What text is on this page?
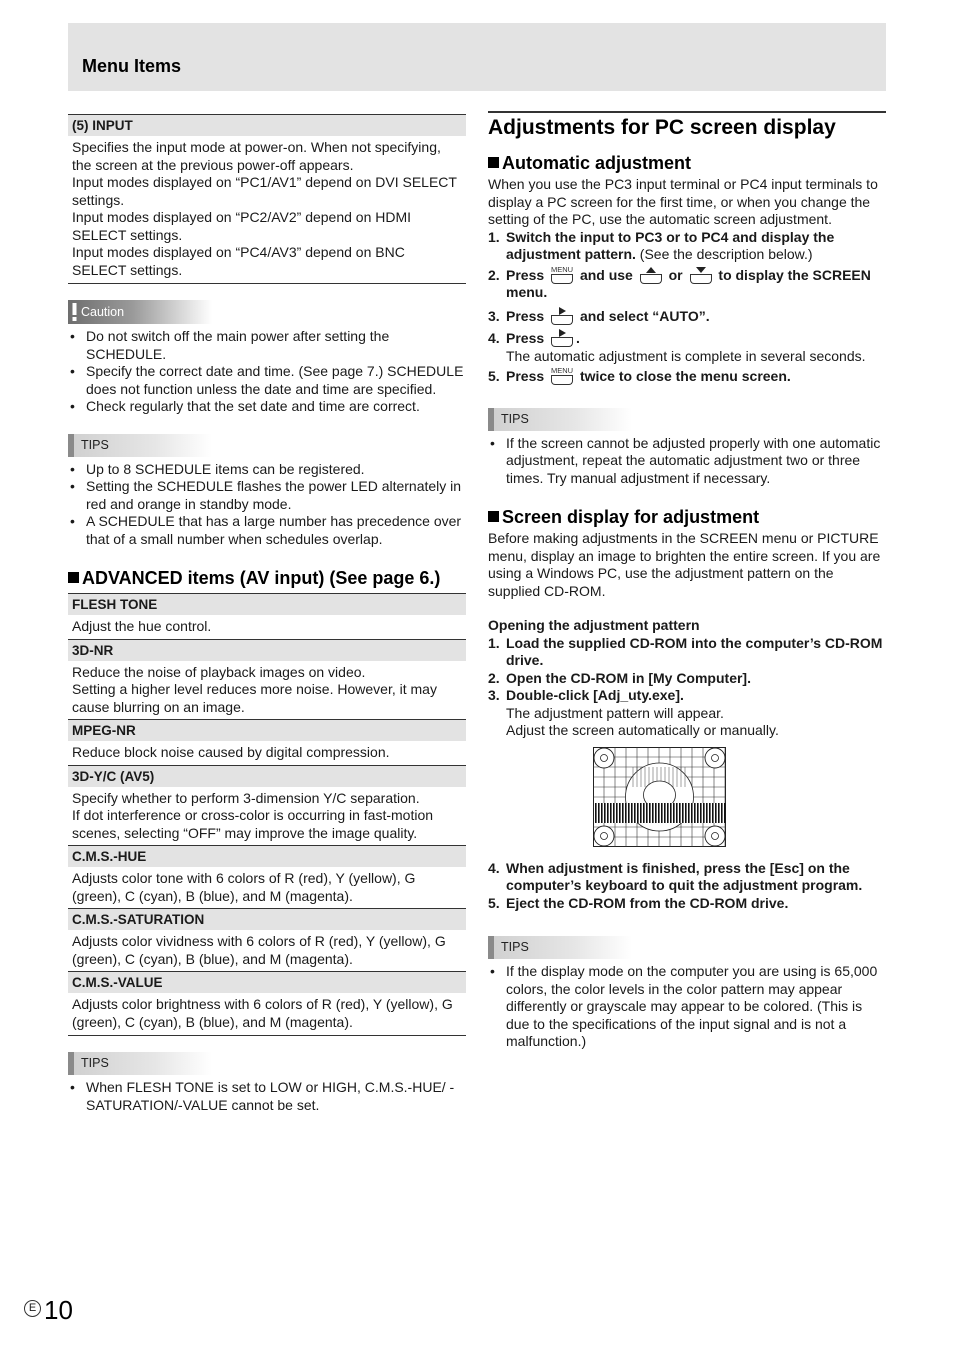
Menu Items
(5) INPUT
Specifies the input mode at power-on. When not specifying, the screen at the previous power-off appears.
Input modes displayed on “PC1/AV1” depend on DVI SELECT settings.
Input modes displayed on “PC2/AV2” depend on HDMI SELECT settings.
Input modes displayed on “PC4/AV3” depend on BNC SELECT settings.
Caution
• Do not switch off the main power after setting the SCHEDULE.
• Specify the correct date and time. (See page 7.) SCHEDULE does not function unless the date and time are specified.
• Check regularly that the set date and time are correct.
TIPS
• Up to 8 SCHEDULE items can be registered.
• Setting the SCHEDULE flashes the power LED alternately in red and orange in standby mode.
• A SCHEDULE that has a large number has precedence over that of a small number when schedules overlap.
ADVANCED items (AV input) (See page 6.)
FLESH TONE
Adjust the hue control.
3D-NR
Reduce the noise of playback images on video.
Setting a higher level reduces more noise. However, it may cause blurring on an image.
MPEG-NR
Reduce block noise caused by digital compression.
3D-Y/C (AV5)
Specify whether to perform 3-dimension Y/C separation.
If dot interference or cross-color is occurring in fast-motion scenes, selecting “OFF” may improve the image quality.
C.M.S.-HUE
Adjusts color tone with 6 colors of R (red), Y (yellow), G (green), C (cyan), B (blue), and M (magenta).
C.M.S.-SATURATION
Adjusts color vividness with 6 colors of R (red), Y (yellow), G (green), C (cyan), B (blue), and M (magenta).
C.M.S.-VALUE
Adjusts color brightness with 6 colors of R (red), Y (yellow), G (green), C (cyan), B (blue), and M (magenta).
TIPS
• When FLESH TONE is set to LOW or HIGH, C.M.S.-HUE/ -SATURATION/-VALUE cannot be set.
Adjustments for PC screen display
Automatic adjustment
When you use the PC3 input terminal or PC4 input terminals to display a PC screen for the first time, or when you change the setting of the PC, use the automatic screen adjustment.
1. Switch the input to PC3 or to PC4 and display the adjustment pattern. (See the description below.)
2. Press MENU and use	or	to display the SCREEN menu.
3. Press	and select “AUTO”.
4. Press .
The automatic adjustment is complete in several seconds.
5. Press MENU twice to close the menu screen.
TIPS
• If the screen cannot be adjusted properly with one automatic adjustment, repeat the automatic adjustment two or three times. Try manual adjustment if necessary.
Screen display for adjustment
Before making adjustments in the SCREEN menu or PICTURE menu, display an image to brighten the entire screen. If you are using a Windows PC, use the adjustment pattern on the supplied CD-ROM.
Opening the adjustment pattern
1. Load the supplied CD-ROM into the computer’s CD-ROM drive.
2. Open the CD-ROM in [My Computer].
3. Double-click [Adj_uty.exe].
The adjustment pattern will appear.
Adjust the screen automatically or manually.
4. When adjustment is finished, press the [Esc] on the computer’s keyboard to quit the adjustment program.
5. Eject the CD-ROM from the CD-ROM drive.
TIPS
• If the display mode on the computer you are using is 65,000 colors, the color levels in the color pattern may appear differently or grayscale may appear to be colored. (This is due to the specifications of the input signal and is not a malfunction.)
E 10
